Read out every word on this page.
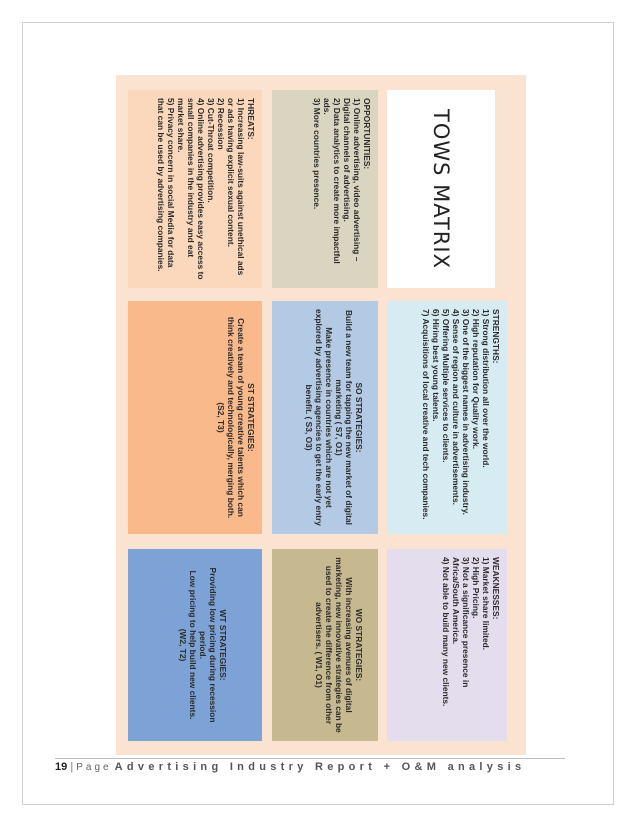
TOWS MATRIX

STRENGTHS:

1) Strong distribution all over the world.

2) High reputation for Quality work.

3) One of the biggest names in advertising industry.

4) Sense of region and culture in advertisements.

5) Offering Multiple services to clients.

6) Hiring best young talents.

7) Acquisitions of local creative and tech companies.

WEAKNESSES:

1) Market share limited.

2) High Pricing.

3) Not a significance presence in Africa/South America.

4) Not able to build many new clients.

OPPORTUNITIES:

1) Online advertising, video advertising – Digital channels of advertising.

2) Data analytics to create more impactful ads.

3) More countries presence.

SO STRATEGIES:

Build a new team for tapping the new market of digital marketing ( S7, O1)

Make presence in countries which are not yet explored by advertising agencies to get the early entry benefit. ( S3, O3)

WO STRATEGIES:

With increasing avenues of digital marketing, new innovative strategies can be used to create the difference from other advertisers. ( W1, O1)

THREATS:

1) Increasing law-suits against unethical ads or ads having explicit sexual content.

2) Recession

3) Cut-Throat competition.

4) Online advertising provides easy access to small companies in the industry and eat market share.

5) Privacy concern in social Media for data that can be used by advertising companies.

ST STRATEGIES:

Create a team of young creative talents which can think creatively and technologically, merging both.

(S2, T3)

WT STRATEGIES:

Providing low pricing during recession period.

Low pricing to help build new clients.

(W2, T2)

19 | Page Advertising Industry Report + O&M analysis
